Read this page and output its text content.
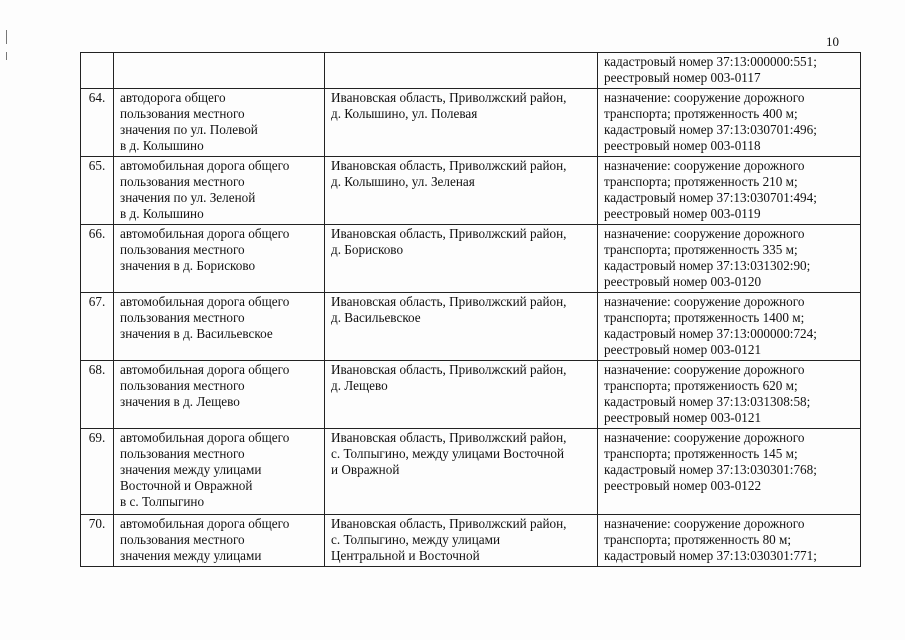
10
			кадастровый номер 37:13:000000:551;
реестровый номер 003-0117
64.	автодорога общего
пользования местного
значения по ул. Полевой
в д. Колышино	Ивановская область, Приволжский район,
д. Колышино, ул. Полевая	назначение: сооружение дорожного
транспорта; протяженность 400 м;
кадастровый номер 37:13:030701:496;
реестровый номер 003-0118
65.	автомобильная дорога общего
пользования местного
значения по ул. Зеленой
в д. Колышино	Ивановская область, Приволжский район,
д. Колышино, ул. Зеленая	назначение: сооружение дорожного
транспорта; протяженность 210 м;
кадастровый номер 37:13:030701:494;
реестровый номер 003-0119
66.	автомобильная дорога общего
пользования местного
значения в д. Борисково	Ивановская область, Приволжский район,
д. Борисково	назначение: сооружение дорожного
транспорта; протяженность 335 м;
кадастровый номер 37:13:031302:90;
реестровый номер 003-0120
67.	автомобильная дорога общего
пользования местного
значения в д. Васильевское	Ивановская область, Приволжский район,
д. Васильевское	назначение: сооружение дорожного
транспорта; протяженность 1400 м;
кадастровый номер 37:13:000000:724;
реестровый номер 003-0121
68.	автомобильная дорога общего
пользования местного
значения в д. Лещево	Ивановская область, Приволжский район,
д. Лещево	назначение: сооружение дорожного
транспорта; протяжениость 620 м;
кадастровый номер 37:13:031308:58;
реестровый номер 003-0121
69.	автомобильная дорога общего
пользования местного
значения между улицами
Восточной и Овражной
в с. Толпыгино	Ивановская область, Приволжский район,
с. Толпыгино, между улицами Восточной
и Овражной	назначение: сооружение дорожного
транспорта; протяженность 145 м;
кадастровый номер 37:13:030301:768;
реестровый номер 003-0122
70.	автомобильная дорога общего
пользования местного
значения между улицами	Ивановская область, Приволжский район,
с. Толпыгино, между улицами
Центральной и Восточной	назначение: сооружение дорожного
транспорта; протяженность 80 м;
кадастровый номер 37:13:030301:771;
